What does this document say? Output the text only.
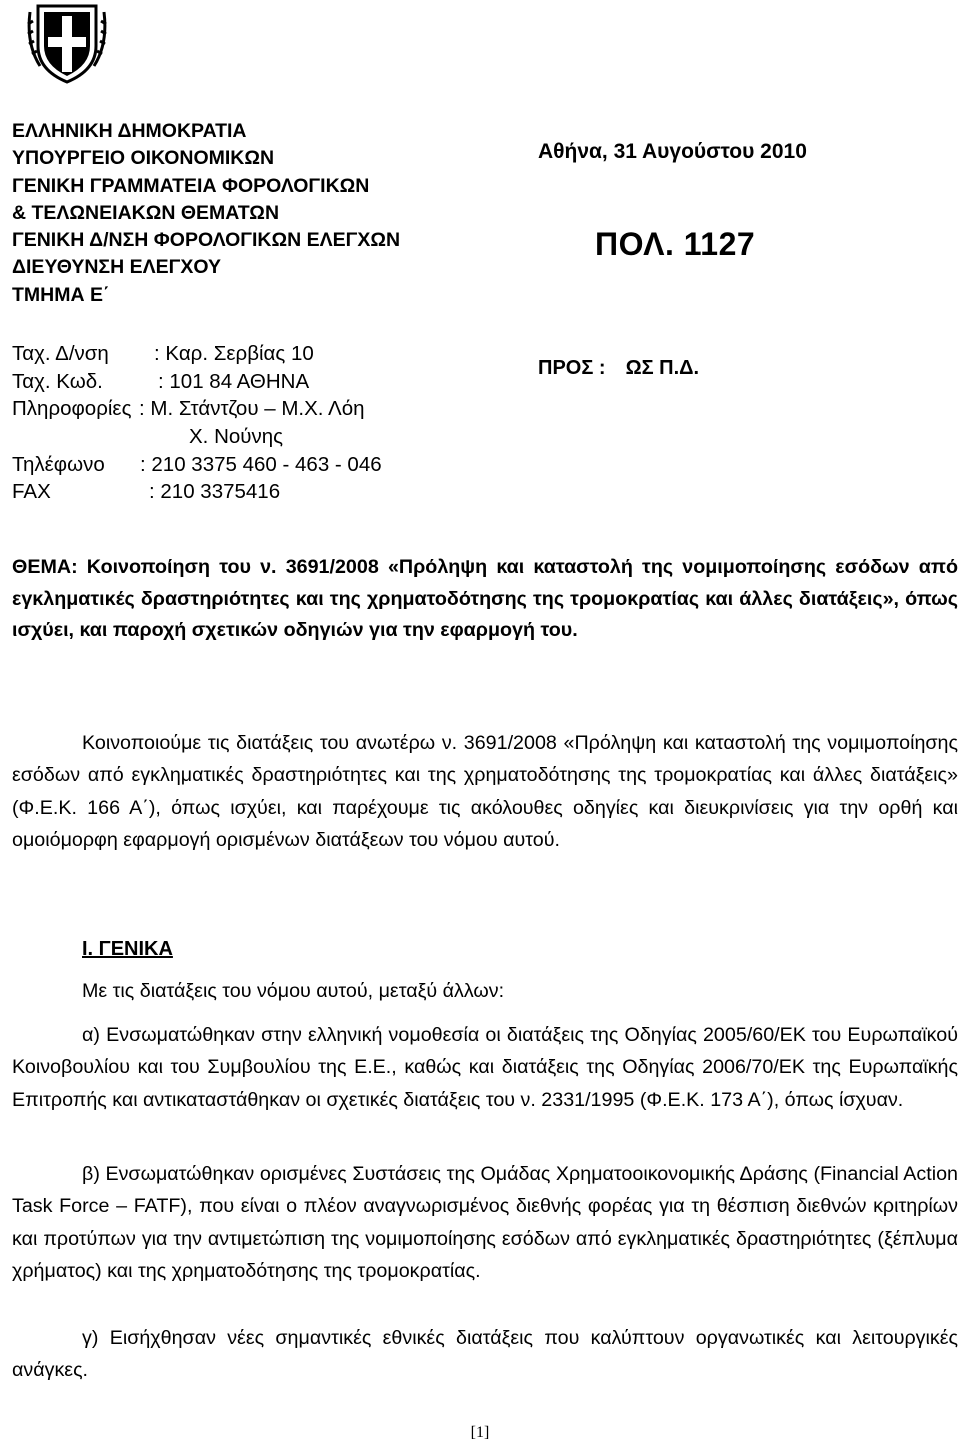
ΕΛΛΗΝΙΚΗ ΔΗΜΟΚΡΑΤΙΑ
ΥΠΟΥΡΓΕΙΟ ΟΙΚΟΝΟΜΙΚΩΝ
ΓΕΝΙΚΗ ΓΡΑΜΜΑΤΕΙΑ ΦΟΡΟΛΟΓΙΚΩΝ
& ΤΕΛΩΝΕΙΑΚΩΝ ΘΕΜΑΤΩΝ
ΓΕΝΙΚΗ Δ/ΝΣΗ ΦΟΡΟΛΟΓΙΚΩΝ ΕΛΕΓΧΩΝ
ΔΙΕΥΘΥΝΣΗ ΕΛΕΓΧΟΥ
ΤΜΗΜΑ Ε΄
Αθήνα, 31 Αυγούστου 2010
ΠΟΛ. 1127
Ταχ. Δ/νση : Καρ. Σερβίας 10
Ταχ. Κωδ.	: 101 84 ΑΘΗΝΑ
Πληροφορίες : Μ. Στάντζου – Μ.Χ. Λόη
Χ. Νούνης
Τηλέφωνο : 210 3375 460 - 463 - 046
FAX	: 210 3375416
ΠΡΟΣ : ΩΣ Π.Δ.
ΘΕΜΑ: Κοινοποίηση του ν. 3691/2008 «Πρόληψη και καταστολή της νομιμοποίησης εσόδων από εγκληματικές δραστηριότητες και της χρηματοδότησης της τρομοκρατίας και άλλες διατάξεις», όπως ισχύει, και παροχή σχετικών οδηγιών για την εφαρμογή του.
Κοινοποιούμε τις διατάξεις του ανωτέρω ν. 3691/2008 «Πρόληψη και καταστολή της νομιμοποίησης εσόδων από εγκληματικές δραστηριότητες και της χρηματοδότησης της τρομοκρατίας και άλλες διατάξεις» (Φ.Ε.Κ. 166 Α΄), όπως ισχύει, και παρέχουμε τις ακόλουθες οδηγίες και διευκρινίσεις για την ορθή και ομοιόμορφη εφαρμογή ορισμένων διατάξεων του νόμου αυτού.
Ι. ΓΕΝΙΚΑ
Με τις διατάξεις του νόμου αυτού, μεταξύ άλλων:
α) Ενσωματώθηκαν στην ελληνική νομοθεσία οι διατάξεις της Οδηγίας 2005/60/ΕΚ του Ευρωπαϊκού Κοινοβουλίου και του Συμβουλίου της Ε.Ε., καθώς και διατάξεις της Οδηγίας 2006/70/ΕΚ της Ευρωπαϊκής Επιτροπής και αντικαταστάθηκαν οι σχετικές διατάξεις του ν. 2331/1995 (Φ.Ε.Κ. 173 Α΄), όπως ίσχυαν.
β) Ενσωματώθηκαν ορισμένες Συστάσεις της Ομάδας Χρηματοοικονομικής Δράσης (Financial Action Task Force – FATF), που είναι ο πλέον αναγνωρισμένος διεθνής φορέας για τη θέσπιση διεθνών κριτηρίων και προτύπων για την αντιμετώπιση της νομιμοποίησης εσόδων από εγκληματικές δραστηριότητες (ξέπλυμα χρήματος) και της χρηματοδότησης της τρομοκρατίας.
γ) Εισήχθησαν νέες σημαντικές εθνικές διατάξεις που καλύπτουν οργανωτικές και λειτουργικές ανάγκες.
[1]
